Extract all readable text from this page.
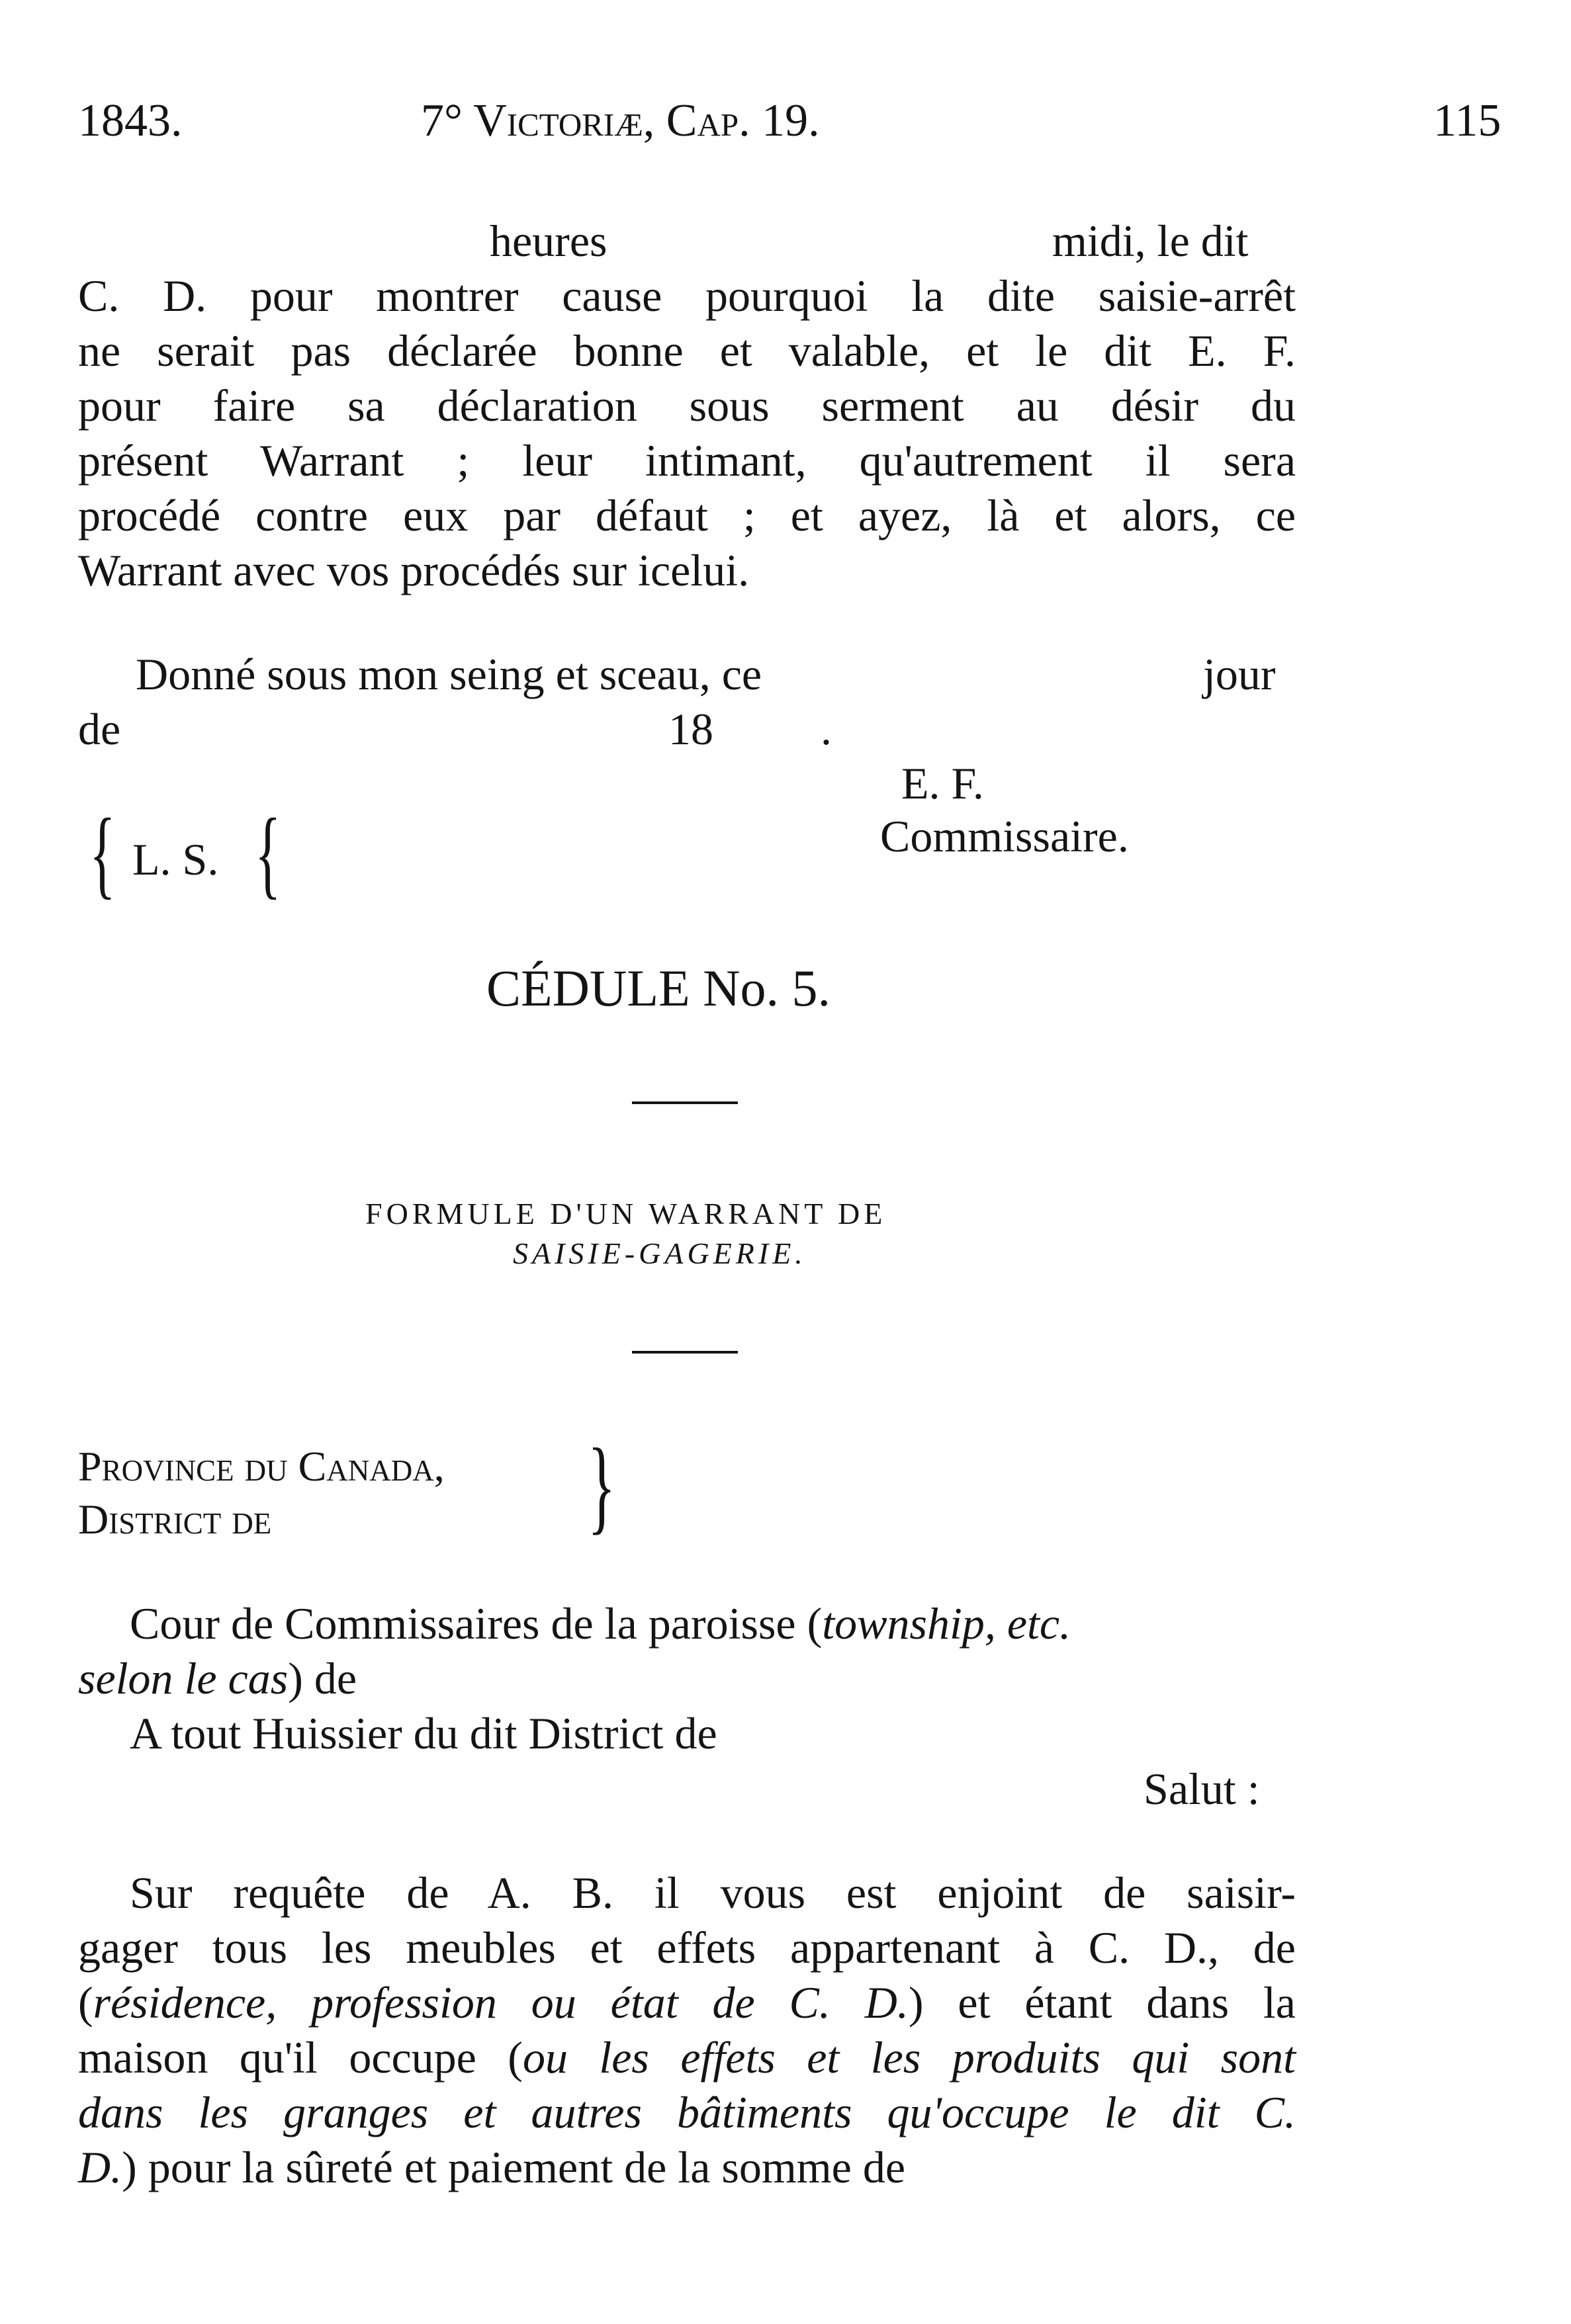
1843.	7° Victoriæ, Cap. 19.	115
heures	midi, le dit
C. D. pour montrer cause pourquoi la dite saisie-arrêt
ne serait pas déclarée bonne et valable, et le dit E. F.
pour faire sa déclaration sous serment au désir du
présent Warrant ; leur intimant, qu'autrement il sera
procédé contre eux par défaut ; et ayez, là et alors, ce
Warrant avec vos procédés sur icelui.
Donné sous mon seing et sceau, ce	jour
de	18 .
E. F.
Commissaire.
{ L. S. {
CÉDULE No. 5.
FORMULE D'UN WARRANT DE
SAISIE-GAGERIE.
Province du Canada,
District de	}
Cour de Commissaires de la paroisse (township, etc.
selon le cas) de
A tout Huissier du dit District de
Salut :
Sur requête de A. B. il vous est enjoint de saisir-
gager tous les meubles et effets appartenant à C. D., de
(résidence, profession ou état de C. D.) et étant dans la
maison qu'il occupe (ou les effets et les produits qui sont
dans les granges et autres bâtiments qu'occupe le dit C.
D.) pour la sûreté et paiement de la somme de
